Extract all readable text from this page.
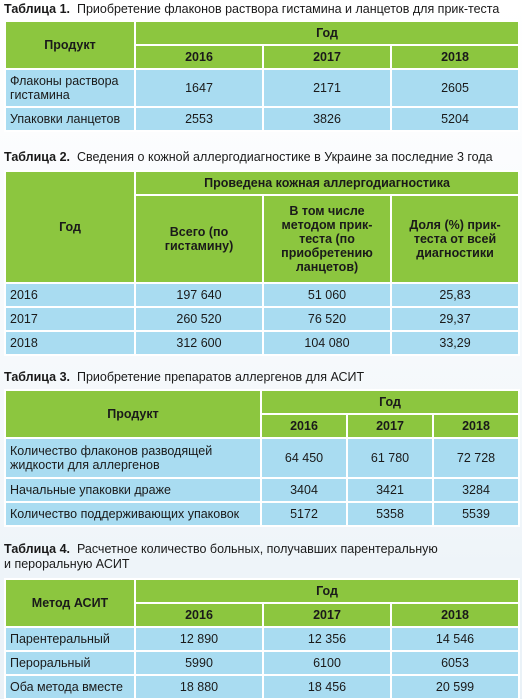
Таблица 1. Приобретение флаконов раствора гистамина и ланцетов для прик-теста
Продукт	Год		
	2016	2017	2018
Флаконы раствора гистамина	1647	2171	2605
Упаковки ланцетов	2553	3826	5204
Таблица 2. Сведения о кожной аллергодиагностике в Украине за последние 3 года
Год	Проведена кожная аллергодиагностика		
	Всего (по гистамину)	В том числе методом прик-теста (по приобретению ланцетов)	Доля (%) прик-теста от всей диагностики
2016	197 640	51 060	25,83
2017	260 520	76 520	29,37
2018	312 600	104 080	33,29
Таблица 3. Приобретение препаратов аллергенов для АСИТ
Продукт	Год		
	2016	2017	2018
Количество флаконов разводящей жидкости для аллергенов	64 450	61 780	72 728
Начальные упаковки драже	3404	3421	3284
Количество поддерживающих упаковок	5172	5358	5539
Таблица 4. Расчетное количество больных, получавших парентеральную
и пероральную АСИТ
Метод АСИТ	Год		
	2016	2017	2018
Парентеральный	12 890	12 356	14 546
Пероральный	5990	6100	6053
Оба метода вместе	18 880	18 456	20 599
